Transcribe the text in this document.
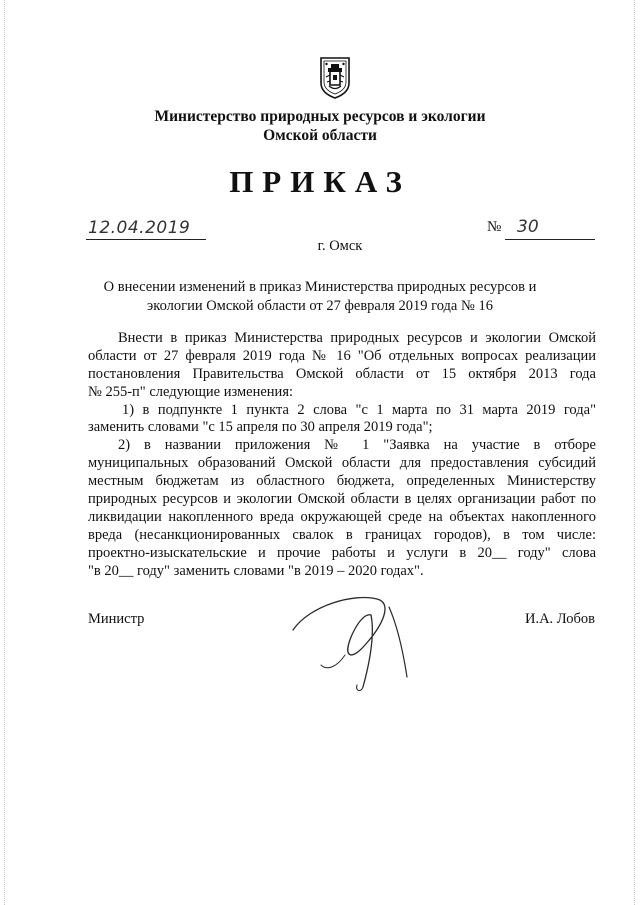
Министерство природных ресурсов и экологии
Омской области
ПРИКАЗ
12.04.2019	№ 30
г. Омск
О внесении изменений в приказ Министерства природных ресурсов и
экологии Омской области от 27 февраля 2019 года № 16
Внести в приказ Министерства природных ресурсов и экологии Омской
области от 27 февраля 2019 года № 16 "Об отдельных вопросах реализации
постановления Правительства Омской области от 15 октября 2013 года
№ 255-п" следующие изменения:
1) в подпункте 1 пункта 2 слова "с 1 марта по 31 марта 2019 года"
заменить словами "с 15 апреля по 30 апреля 2019 года";
2) в названии приложения № 1 "Заявка на участие в отборе
муниципальных образований Омской области для предоставления субсидий
местным бюджетам из областного бюджета, определенных Министерству
природных ресурсов и экологии Омской области в целях организации работ по
ликвидации накопленного вреда окружающей среде на объектах накопленного
вреда (несанкционированных свалок в границах городов), в том числе:
проектно-изыскательские и прочие работы и услуги в 20__ году" слова
"в 20__ году" заменить словами "в 2019 – 2020 годах".
Министр	И.А. Лобов
